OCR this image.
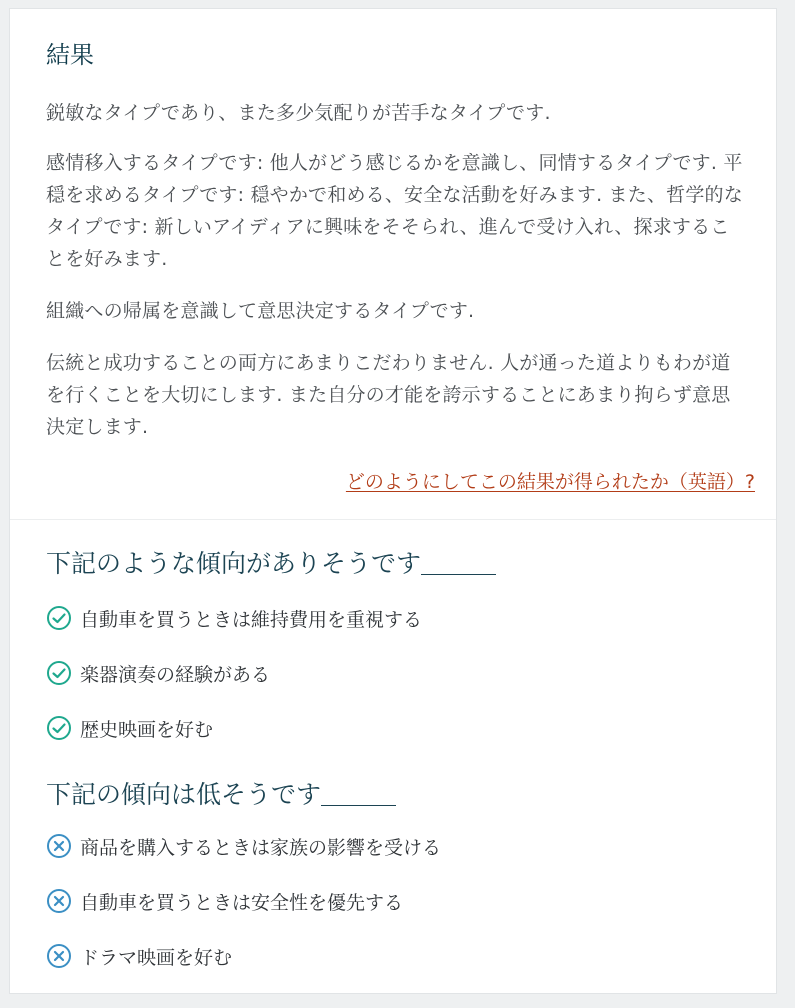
結果

鋭敏なタイプであり、また多少気配りが苦手なタイプです.

感情移入するタイプです: 他人がどう感じるかを意識し、同情するタイプです. 平穏を求めるタイプです: 穏やかで和める、安全な活動を好みます. また、哲学的なタイプです: 新しいアイディアに興味をそそられ、進んで受け入れ、探求することを好みます.

組織への帰属を意識して意思決定するタイプです.

伝統と成功することの両方にあまりこだわりません. 人が通った道よりもわが道を行くことを大切にします. また自分の才能を誇示することにあまり拘らず意思決定します.

どのようにしてこの結果が得られたか（英語）?
下記のような傾向がありそうです＿＿＿
自動車を買うときは維持費用を重視する
楽器演奏の経験がある
歴史映画を好む
下記の傾向は低そうです＿＿＿
商品を購入するときは家族の影響を受ける
自動車を買うときは安全性を優先する
ドラマ映画を好む
